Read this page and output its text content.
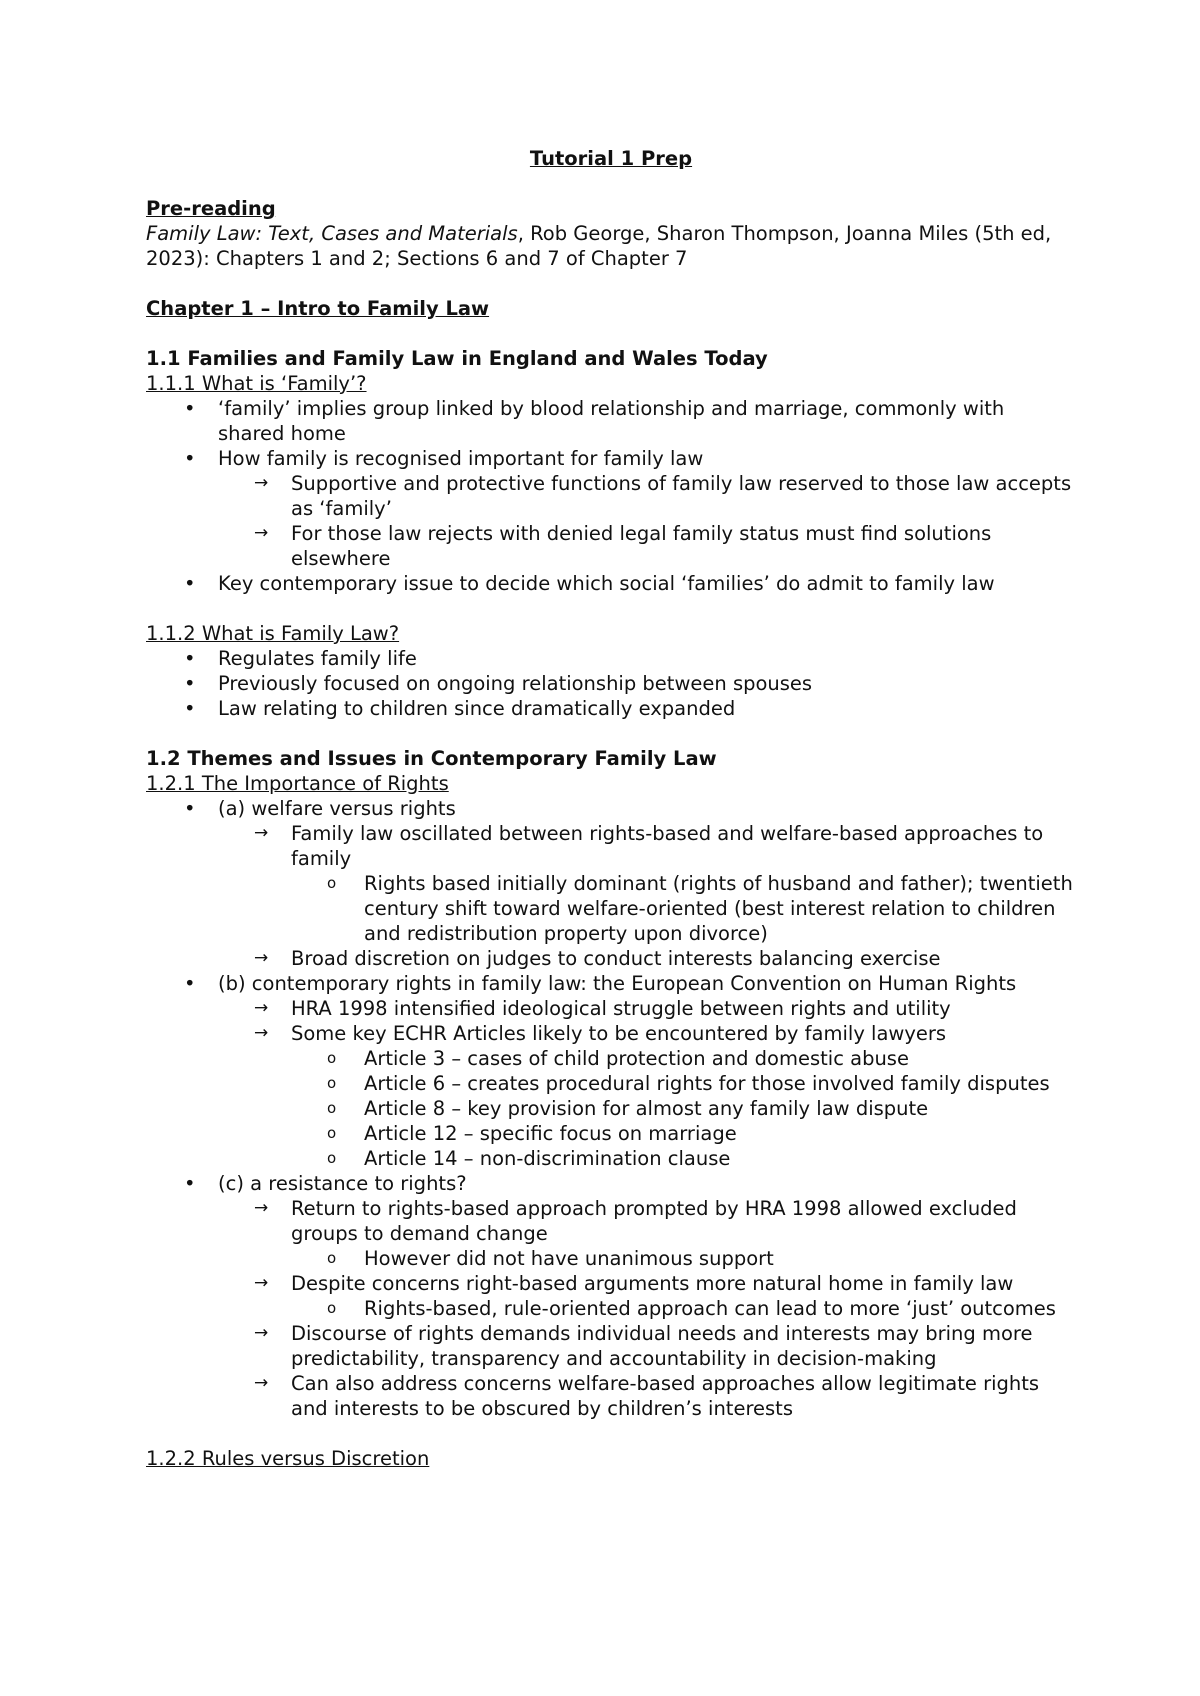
Tutorial 1 Prep

Pre-reading

Family Law: Text, Cases and Materials, Rob George, Sharon Thompson, Joanna Miles (5th ed, 2023): Chapters 1 and 2; Sections 6 and 7 of Chapter 7

Chapter 1 – Intro to Family Law

1.1 Families and Family Law in England and Wales Today

1.1.1 What is ‘Family’?

• ‘family’ implies group linked by blood relationship and marriage, commonly with shared home
• How family is recognised important for family law
→ Supportive and protective functions of family law reserved to those law accepts as ‘family’
→ For those law rejects with denied legal family status must find solutions elsewhere
• Key contemporary issue to decide which social ‘families’ do admit to family law

1.1.2 What is Family Law?

• Regulates family life
• Previously focused on ongoing relationship between spouses
• Law relating to children since dramatically expanded

1.2 Themes and Issues in Contemporary Family Law

1.2.1 The Importance of Rights

• (a) welfare versus rights
→ Family law oscillated between rights-based and welfare-based approaches to family
o Rights based initially dominant (rights of husband and father); twentieth century shift toward welfare-oriented (best interest relation to children and redistribution property upon divorce)
→ Broad discretion on judges to conduct interests balancing exercise
• (b) contemporary rights in family law: the European Convention on Human Rights
→ HRA 1998 intensified ideological struggle between rights and utility
→ Some key ECHR Articles likely to be encountered by family lawyers
o Article 3 – cases of child protection and domestic abuse
o Article 6 – creates procedural rights for those involved family disputes
o Article 8 – key provision for almost any family law dispute
o Article 12 – specific focus on marriage
o Article 14 – non-discrimination clause
• (c) a resistance to rights?
→ Return to rights-based approach prompted by HRA 1998 allowed excluded groups to demand change
o However did not have unanimous support
→ Despite concerns right-based arguments more natural home in family law
o Rights-based, rule-oriented approach can lead to more ‘just’ outcomes
→ Discourse of rights demands individual needs and interests may bring more predictability, transparency and accountability in decision-making
→ Can also address concerns welfare-based approaches allow legitimate rights and interests to be obscured by children’s interests

1.2.2 Rules versus Discretion
